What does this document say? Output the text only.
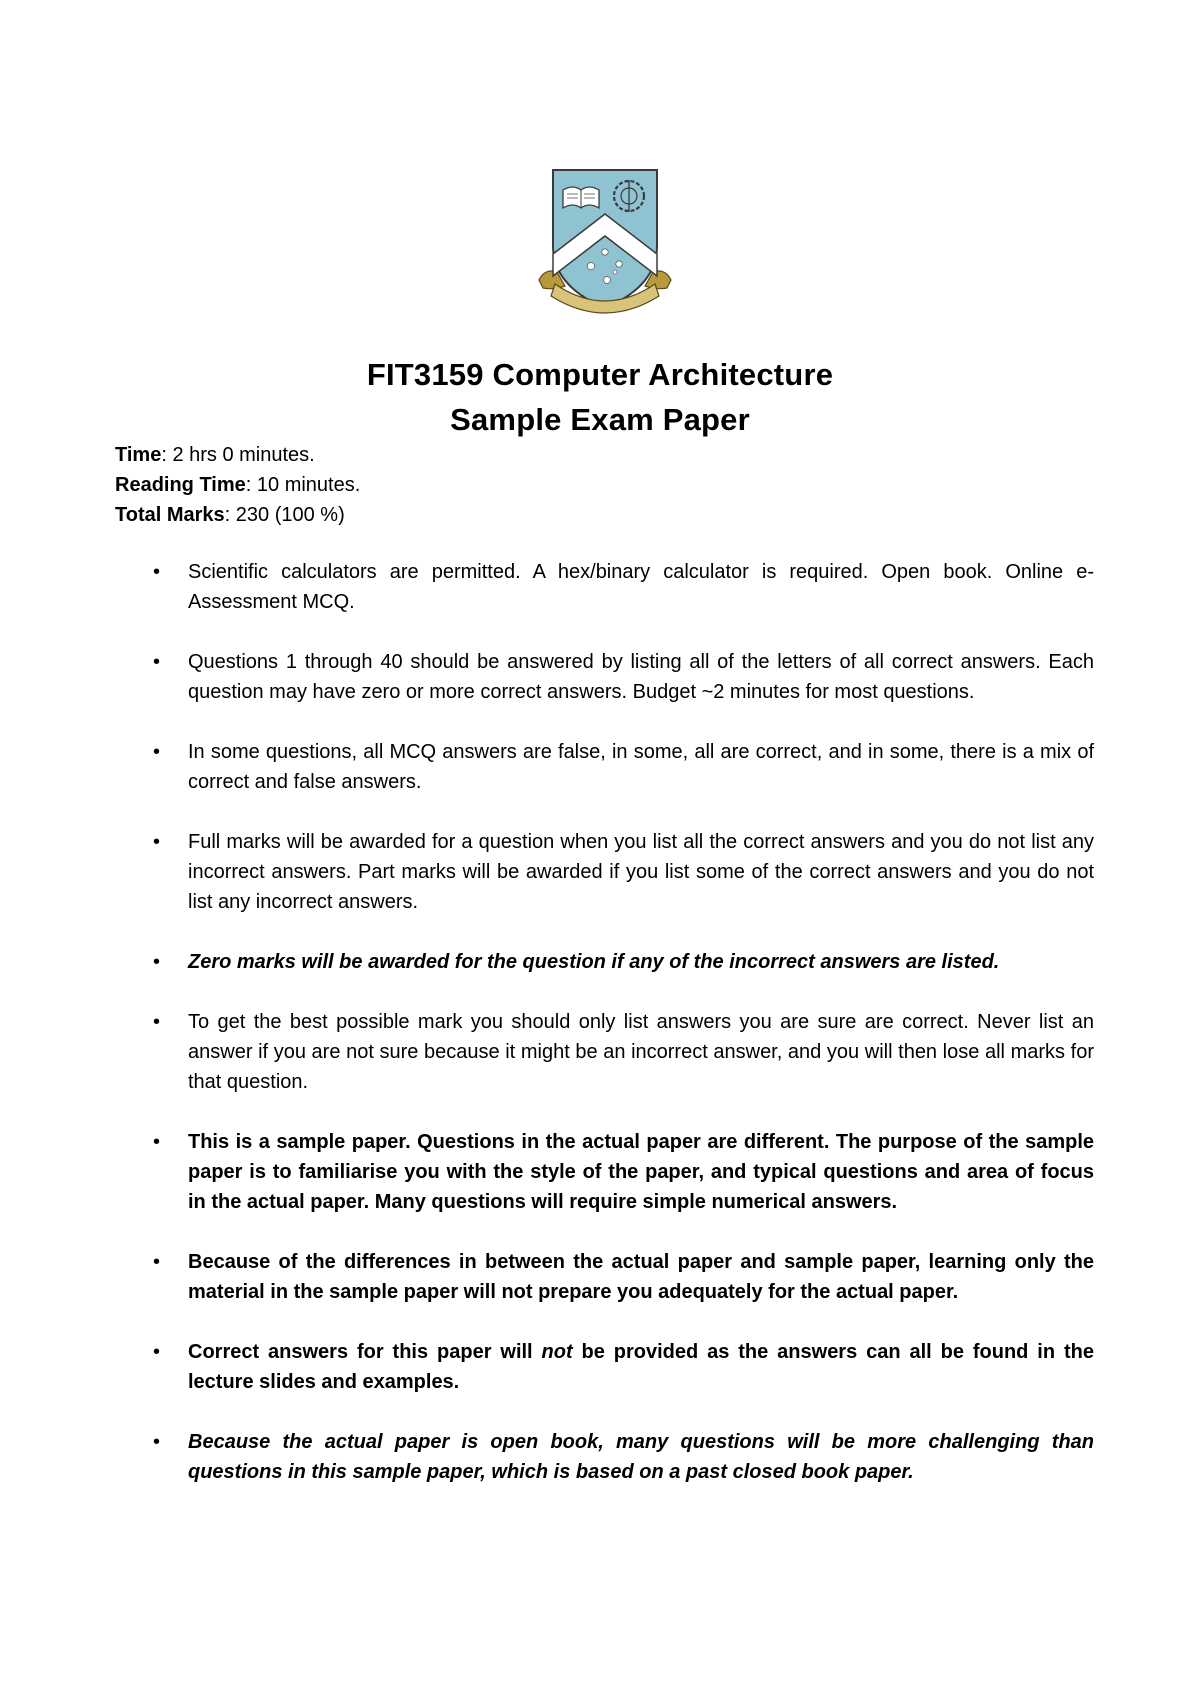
FIT3159 Computer Architecture
Sample Exam Paper
Time: 2 hrs 0 minutes.
Reading Time: 10 minutes.
Total Marks: 230 (100 %)
• Scientific calculators are permitted. A hex/binary calculator is required. Open book. Online e-Assessment MCQ.
• Questions 1 through 40 should be answered by listing all of the letters of all correct answers. Each question may have zero or more correct answers. Budget ~2 minutes for most questions.
• In some questions, all MCQ answers are false, in some, all are correct, and in some, there is a mix of correct and false answers.
• Full marks will be awarded for a question when you list all the correct answers and you do not list any incorrect answers. Part marks will be awarded if you list some of the correct answers and you do not list any incorrect answers.
• Zero marks will be awarded for the question if any of the incorrect answers are listed.
• To get the best possible mark you should only list answers you are sure are correct. Never list an answer if you are not sure because it might be an incorrect answer, and you will then lose all marks for that question.
• This is a sample paper. Questions in the actual paper are different. The purpose of the sample paper is to familiarise you with the style of the paper, and typical questions and area of focus in the actual paper. Many questions will require simple numerical answers.
• Because of the differences in between the actual paper and sample paper, learning only the material in the sample paper will not prepare you adequately for the actual paper.
• Correct answers for this paper will not be provided as the answers can all be found in the lecture slides and examples.
• Because the actual paper is open book, many questions will be more challenging than questions in this sample paper, which is based on a past closed book paper.
